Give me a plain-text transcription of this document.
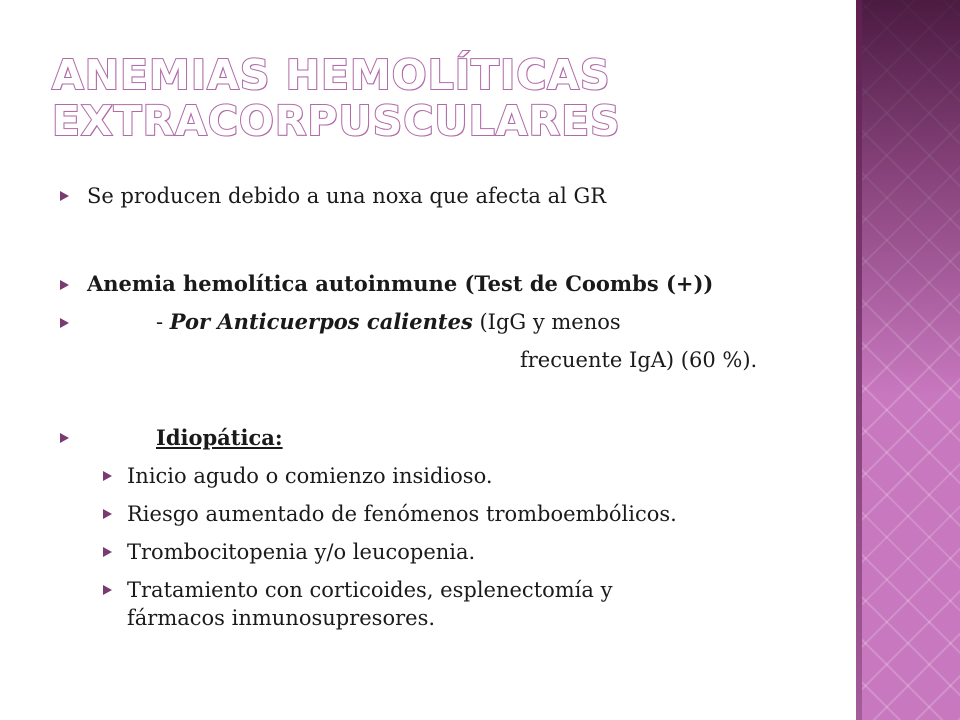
ANEMIAS HEMOLÍTICAS
EXTRACORPUSCULARES
Se producen debido a una noxa que afecta al GR
Anemia hemolítica autoinmune (Test de Coombs (+))
- Por Anticuerpos calientes (IgG y menos
frecuente IgA) (60 %).
Idiopática:
Inicio agudo o comienzo insidioso.
Riesgo aumentado de fenómenos tromboembólicos.
Trombocitopenia y/o leucopenia.
Tratamiento con corticoides, esplenectomía y
fármacos inmunosupresores.
